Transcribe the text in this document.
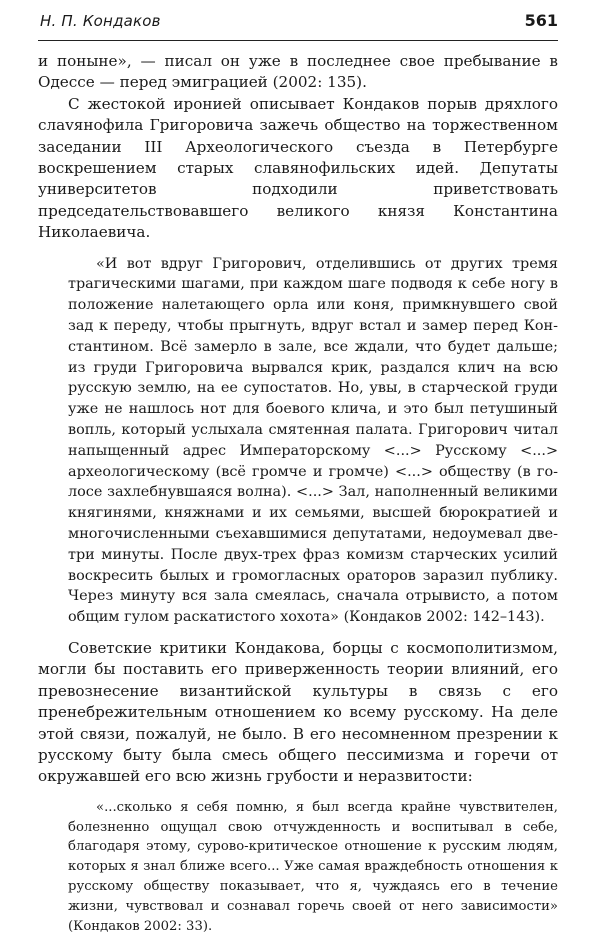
Н. П. Кондаков	561

и поныне», — писал он уже в последнее свое пребывание в Одессе — перед эмиграцией (2002: 135).

С жестокой иронией описывает Кондаков порыв дряхлого слаvянофила Григоровича зажечь общество на торжественном заседании III Археологического съезда в Петербурге воскрешением старых славянофильских идей. Депутаты университетов подходили приветствовать председательствовавшего великого князя Константина Николаевича.

«И вот вдруг Григорович, отделившись от других тремя трагическими шагами, при каждом шаге подводя к себе ногу в положение налетающего орла или коня, примкнувшего свой зад к переду, чтобы прыгнуть, вдруг встал и замер перед Константином. Всё замерло в зале, все ждали, что будет дальше; из груди Григоровича вырвался крик, раздался клич на всю русскую землю, на ее супостатов. Но, увы, в старческой груди уже не нашлось нот для боевого клича, и это был петушиный вопль, который услыхала смятенная палата. Григорович читал напыщенный адрес Императорскому <...> Русскому <...> археологическому (всё громче и громче) <...> обществу (в голосе захлебнувшаяся волна). <...> Зал, наполненный великими княгинями, княжнами и их семьями, высшей бюрократией и многочисленными съехавшимися депутатами, недоумевал две-три минуты. После двух-трех фраз комизм старческих усилий воскресить былых и громогласных ораторов заразил публику. Через минуту вся зала смеялась, сначала отрывисто, а потом общим гулом раскатистого хохота» (Кондаков 2002: 142–143).

Советские критики Кондакова, борцы с космополитизмом, могли бы поставить его приверженность теории влияний, его превознесение византийской культуры в связь с его пренебрежительным отношением ко всему русскому. На деле этой связи, пожалуй, не было. В его несомненном презрении к русскому быту была смесь общего пессимизма и горечи от окружавшей его всю жизнь грубости и неразвитости:

«...сколько я себя помню, я был всегда крайне чувствителен, болезненно ощущал свою отчужденность и воспитывал в себе, благодаря этому, сурово-критическое отношение к русским людям, которых я знал ближе всего... Уже самая враждебность отношения к русскому обществу показывает, что я, чуждаясь его в течение жизни, чувствовал и сознавал горечь своей от него зависимости» (Кондаков 2002: 33).
